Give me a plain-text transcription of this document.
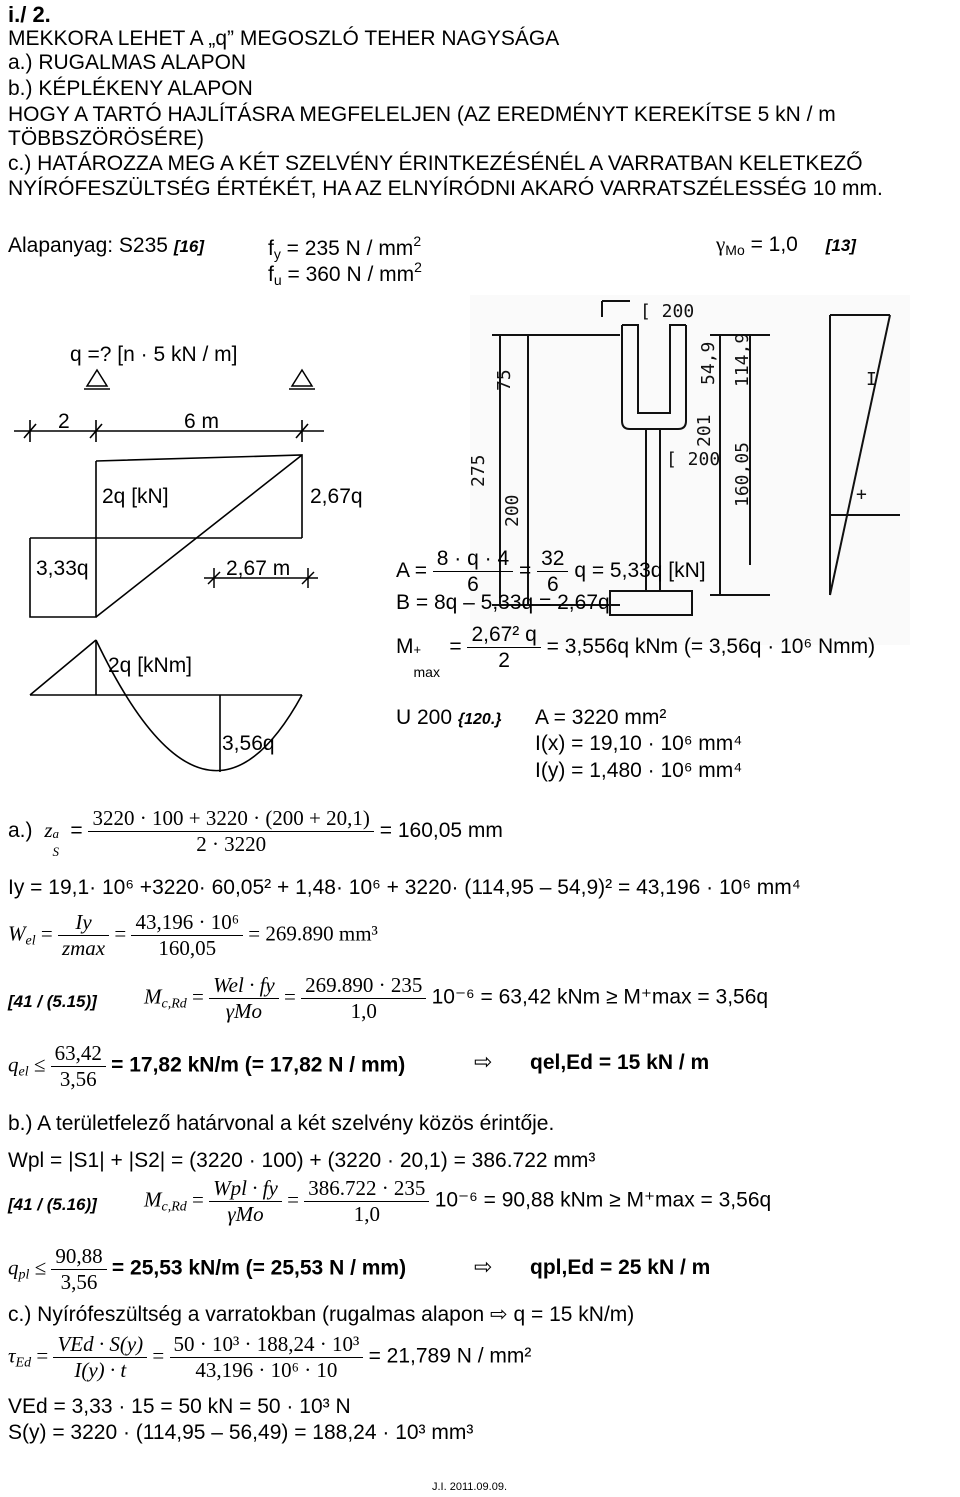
i./ 2.
MEKKORA LEHET A „q” MEGOSZLÓ TEHER NAGYSÁGA
a.) RUGALMAS ALAPON
b.) KÉPLÉKENY ALAPON
HOGY A TARTÓ HAJLÍTÁSRA MEGFELELJEN (AZ EREDMÉNYT KEREKÍTSE 5 kN / m
TÖBBSZÖRÖSÉRE)
c.) HATÁROZZA MEG A KÉT SZELVÉNY ÉRINTKEZÉSÉNÉL A VARRATBAN KELETKEZŐ
NYÍRÓFESZÜLTSÉG ÉRTÉKÉT, HA AZ ELNYÍRÓDNI AKARÓ VARRATSZÉLESSÉG 10 mm.
Alapanyag: S235 [16]	$f_y = 235$ N / $mm^2$
$f_u = 360$ N / $mm^2$
$\gamma_{Mo} = 1,0$ [13]
q =? [n · 5 kN / m]
2	6 m
2q [kN]	2,67q
3,33q	2,67 m
2q [kNm]
3,56q
[ 200
75
275
200
201
54,9 114,9
160,05
[ 200
I
+
$A = \frac{8 \cdot q \cdot 4}{6} = \frac{32}{6}$ q = 5,33q [kN]
B = 8q – 5,33q = 2,67q
M +
max
= $\frac{\text{2,67² q}}{2} = 3,556q$ kNm (= 3,56q · 10⁶ Nmm)
U 200 {120.} A = 3220 mm²
I(x) = 19,10 · 10⁶ mm⁴
I(y) = 1,480 · 10⁶ mm⁴
a.) z a
S
= $\frac{3220 \cdot 100 + 3220 \cdot (200 + 20,1)}{2 \cdot 3220} = 160,05$ mm
Iy = 19,1· 10⁶ +3220· 60,05² + 1,48· 10⁶ + 3220· (114,95 – 54,9)² = 43,196 · 10⁶ mm⁴
$W_{el} = \frac{Iy}{zmax} = \frac{\text{43,196 · 10⁶}}{160,05} = 269.890$ mm³
[41 / (5.15)] $M_{c,Rd} = \frac{\text{Wel · fy}}{\text{γMo}} = \frac{269.890 \cdot 235}{1,0} 10^{-6} = 63,42$ kNm ≥ M⁺max = 3,56q
$q_{el} \le \frac{63,42}{3,56} = 17,82$ kN/m (= 17,82 N / mm)	⇨ qel,Ed = 15 kN / m
b.) A területfelező határvonal a két szelvény közös érintője.
Wpl = |S1| + |S2| = (3220 · 100) + (3220 · 20,1) = 386.722 mm³
[41 / (5.16)] $M_{c,Rd} = \frac{\text{Wpl · fy}}{\text{γMo}} = \frac{386.722 \cdot 235}{1,0} 10^{-6} = 90,88$ kNm ≥ M⁺max = 3,56q
$q_{pl} \le \frac{90,88}{3,56} = 25,53$ kN/m (= 25,53 N / mm)	⇨ qpl,Ed = 25 kN / m
c.) Nyírófeszültség a varratokban (rugalmas alapon ⇨ q = 15 kN/m)
$\tau_{Ed} = \frac{\text{VEd · S(y)}}{I(y) \cdot t} = \frac{\text{50 · 10³ · 188,24 · 10³}}{\text{43,196 · 10⁶ · 10}} = 21,789$ N / mm²
VEd = 3,33 · 15 = 50 kN = 50 · 10³ N
S(y) = 3220 · (114,95 – 56,49) = 188,24 · 10³ mm³
J.I. 2011.09.09.
